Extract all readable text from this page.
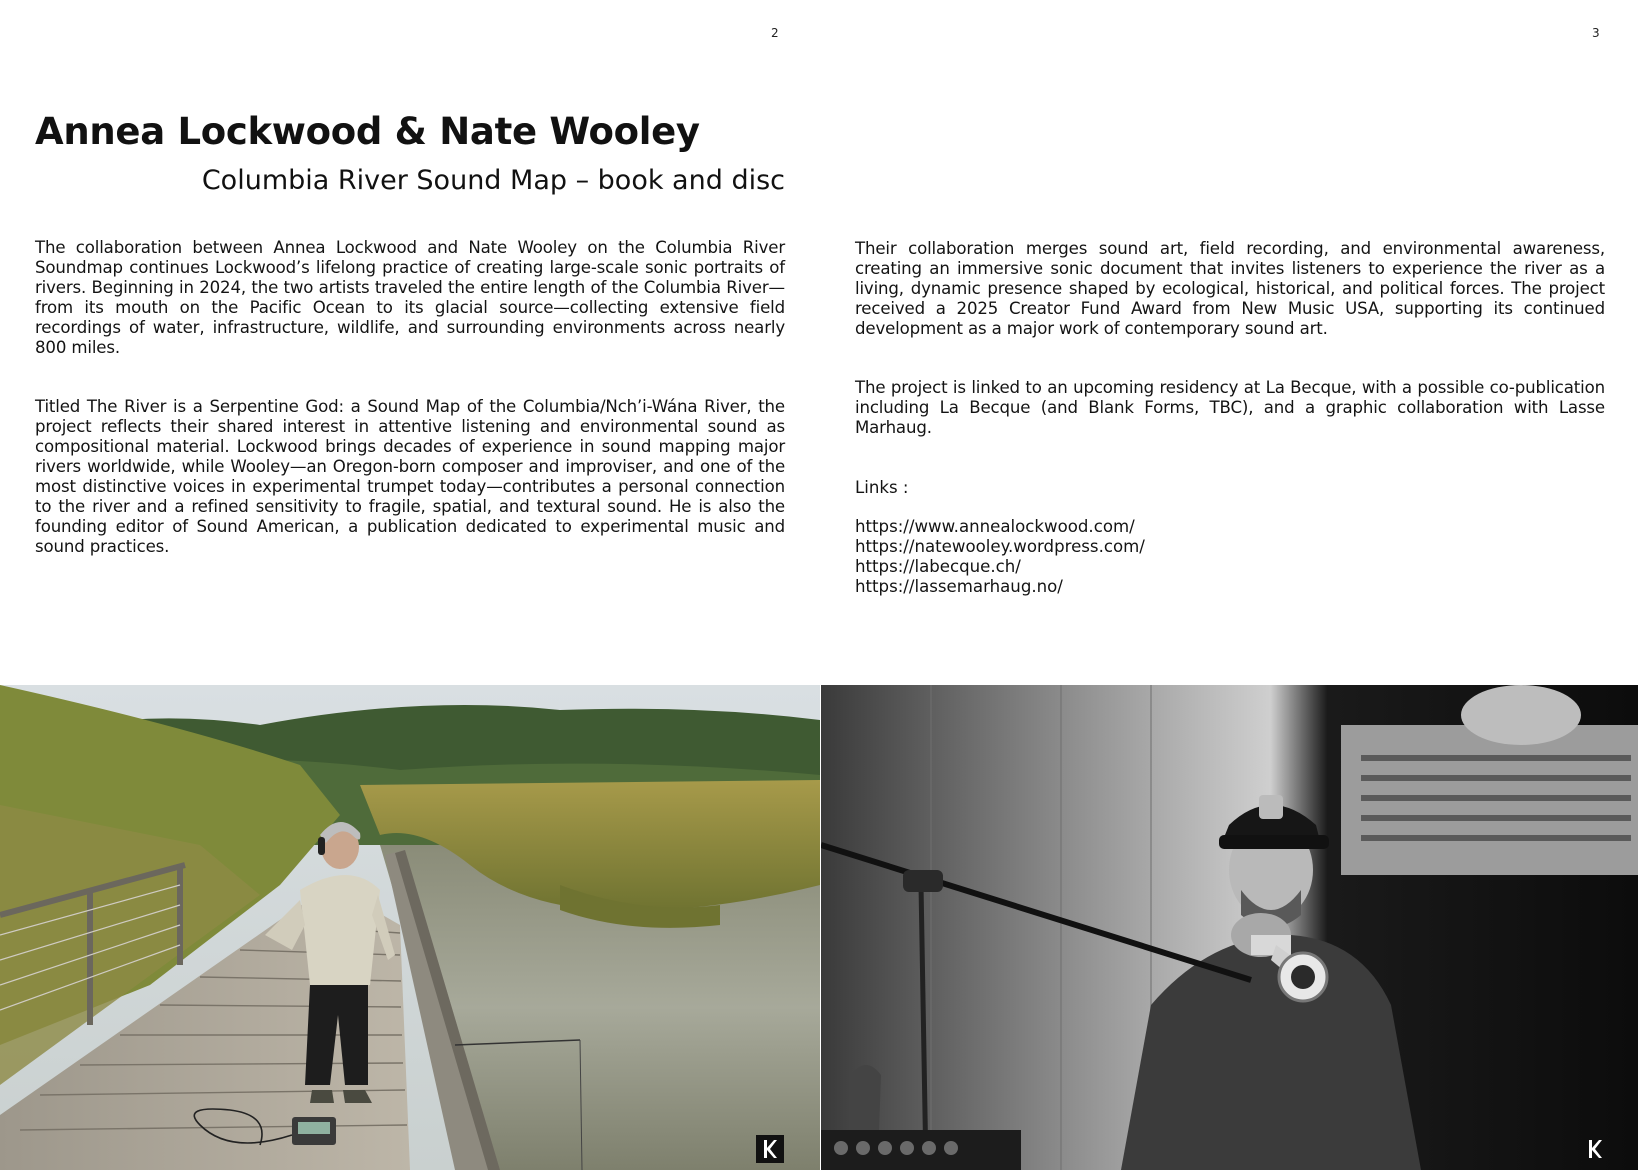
2	3
Annea Lockwood & Nate Wooley
Columbia River Sound Map – book and disc

The collaboration between Annea Lockwood and Nate Wooley on the Columbia River Soundmap continues Lockwood’s lifelong practice of creating large-scale sonic portraits of rivers. Beginning in 2024, the two artists traveled the entire length of the Columbia River—from its mouth on the Pacific Ocean to its glacial source—collecting extensive field recordings of water, infrastructure, wildlife, and surrounding environments across nearly 800 miles.

Titled The River is a Serpentine God: a Sound Map of the Columbia/Nch’i-Wána River, the project reflects their shared interest in attentive listening and environmental sound as compositional material. Lockwood brings decades of experience in sound mapping major rivers worldwide, while Wooley—an Oregon-born composer and improviser, and one of the most distinctive voices in experimental trumpet today—contributes a personal connection to the river and a refined sensitivity to fragile, spatial, and textural sound. He is also the founding editor of Sound American, a publication dedicated to experimental music and sound practices.

Their collaboration merges sound art, field recording, and environmental awareness, creating an immersive sonic document that invites listeners to experience the river as a living, dynamic presence shaped by ecological, historical, and political forces. The project received a 2025 Creator Fund Award from New Music USA, supporting its continued development as a major work of contemporary sound art.

The project is linked to an upcoming residency at La Becque, with a possible co-publication including La Becque (and Blank Forms, TBC), and a graphic collaboration with Lasse Marhaug.

Links :

https://www.annealockwood.com/
https://natewooley.wordpress.com/
https://labecque.ch/
https://lassemarhaug.no/
